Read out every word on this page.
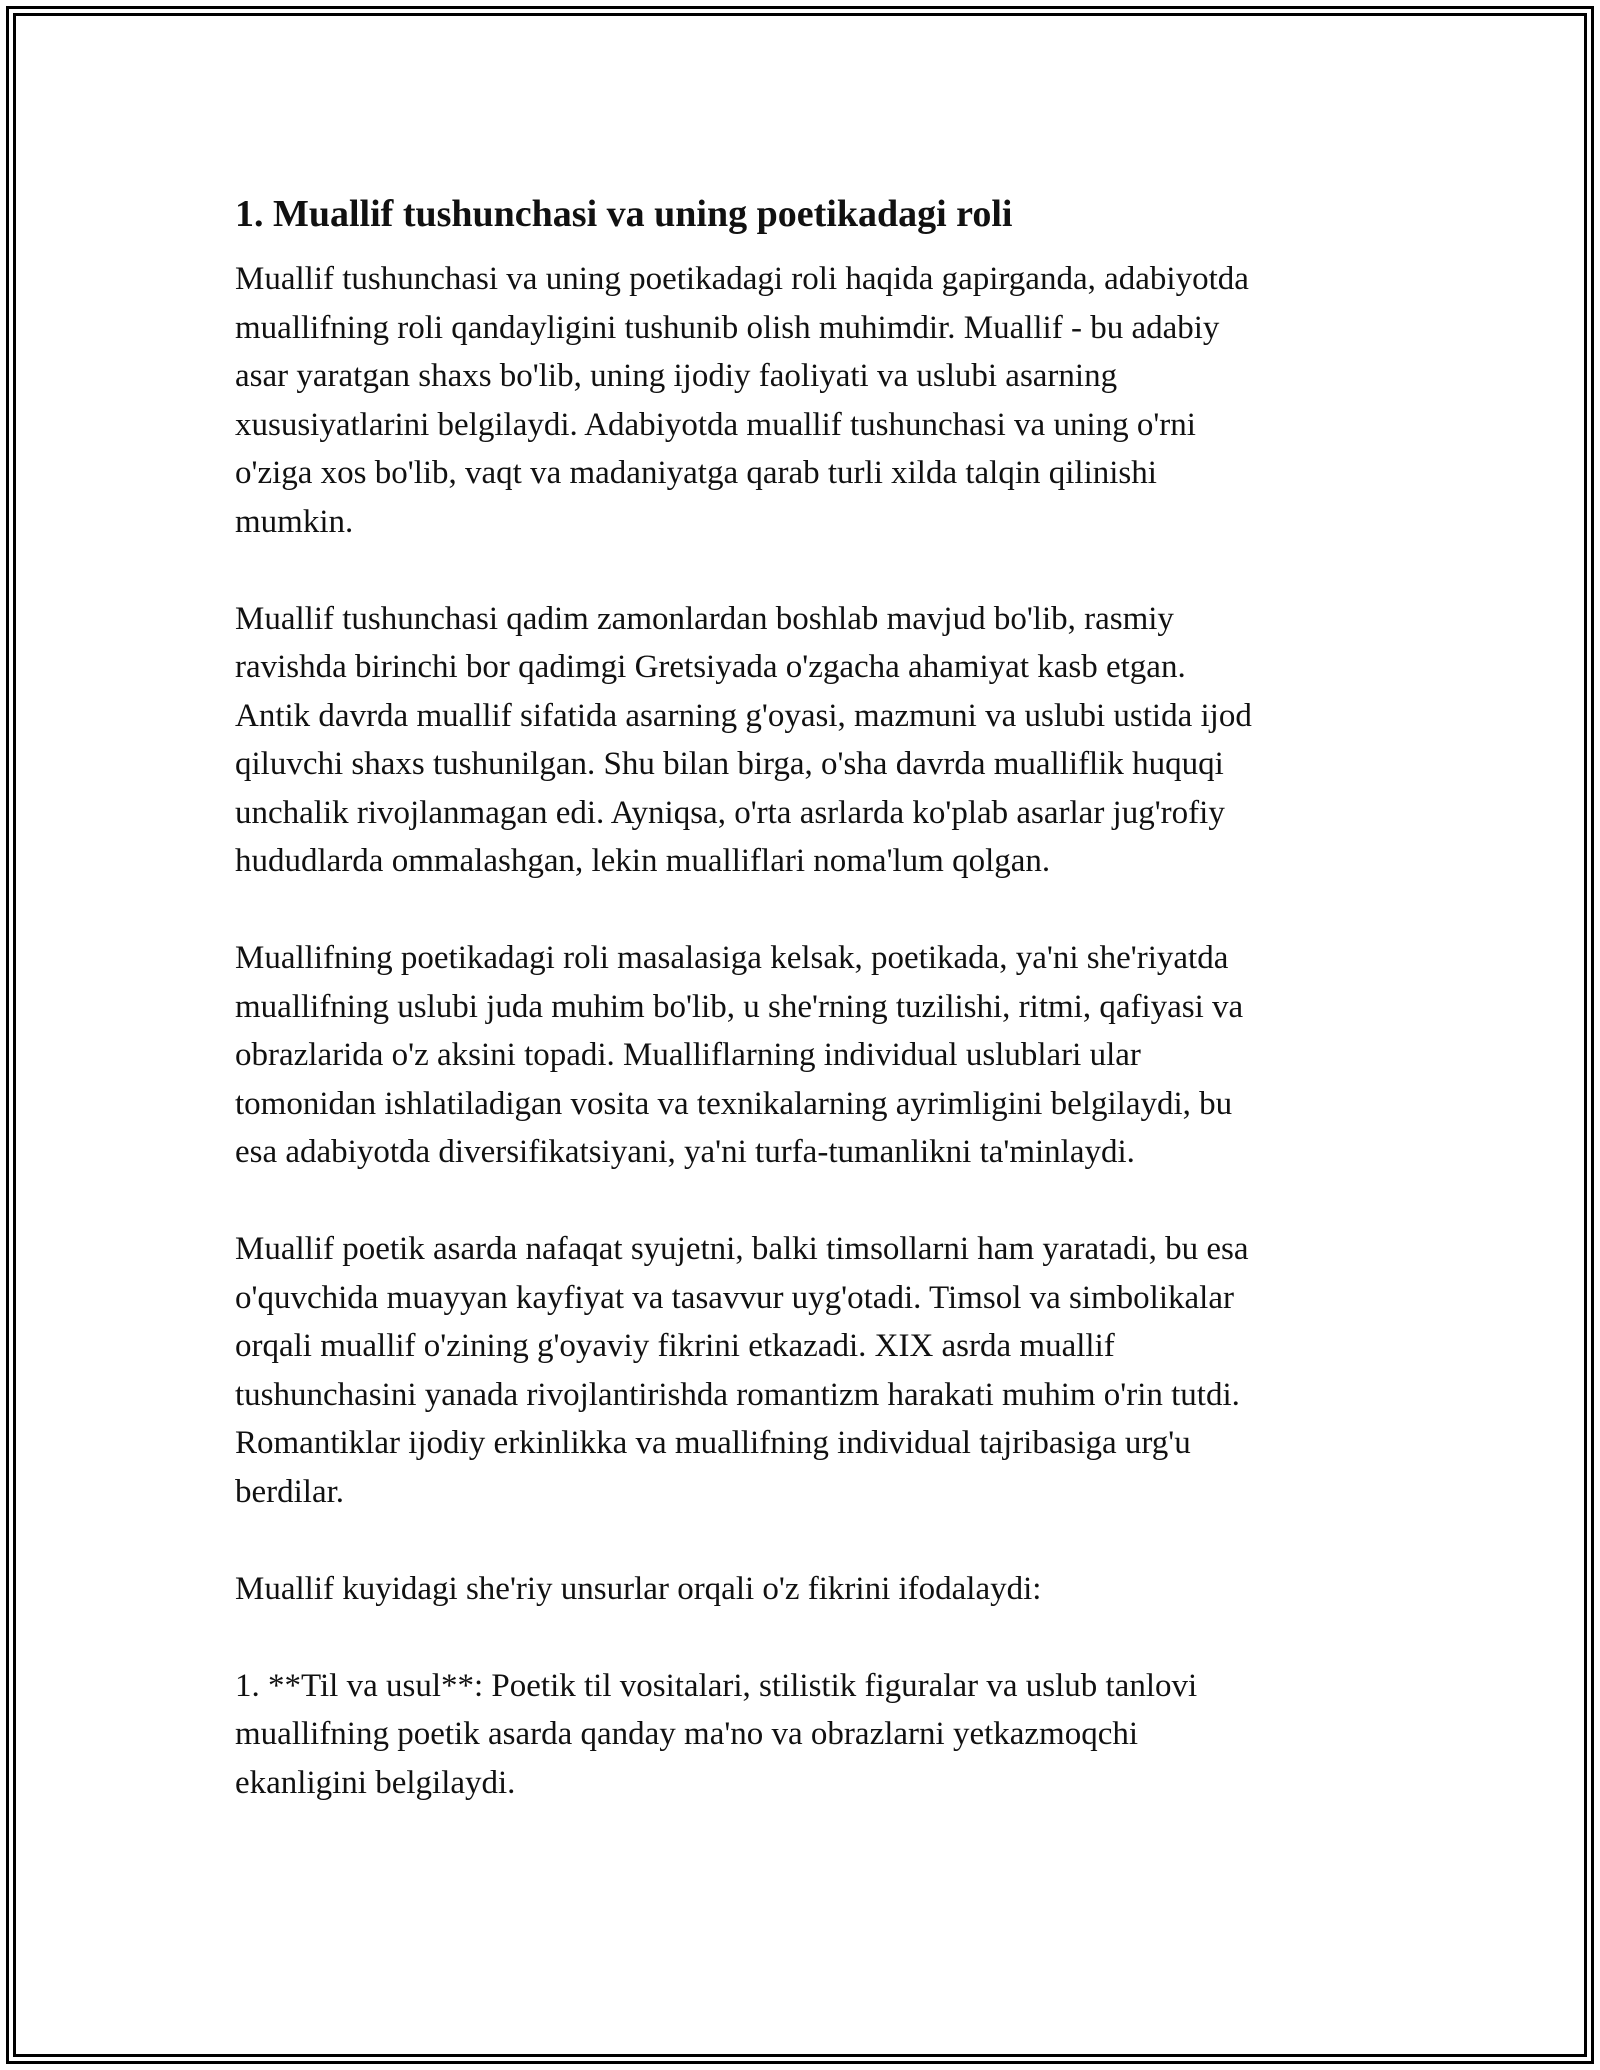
1. Muallif tushunchasi va uning poetikadagi roli

Muallif tushunchasi va uning poetikadagi roli haqida gapirganda, adabiyotda
muallifning roli qandayligini tushunib olish muhimdir. Muallif - bu adabiy
asar yaratgan shaxs bo'lib, uning ijodiy faoliyati va uslubi asarning
xususiyatlarini belgilaydi. Adabiyotda muallif tushunchasi va uning o'rni
o'ziga xos bo'lib, vaqt va madaniyatga qarab turli xilda talqin qilinishi
mumkin.

Muallif tushunchasi qadim zamonlardan boshlab mavjud bo'lib, rasmiy
ravishda birinchi bor qadimgi Gretsiyada o'zgacha ahamiyat kasb etgan.
Antik davrda muallif sifatida asarning g'oyasi, mazmuni va uslubi ustida ijod
qiluvchi shaxs tushunilgan. Shu bilan birga, o'sha davrda mualliflik huquqi
unchalik rivojlanmagan edi. Ayniqsa, o'rta asrlarda ko'plab asarlar jug'rofiy
hududlarda ommalashgan, lekin mualliflari noma'lum qolgan.

Muallifning poetikadagi roli masalasiga kelsak, poetikada, ya'ni she'riyatda
muallifning uslubi juda muhim bo'lib, u she'rning tuzilishi, ritmi, qafiyasi va
obrazlarida o'z aksini topadi. Mualliflarning individual uslublari ular
tomonidan ishlatiladigan vosita va texnikalarning ayrimligini belgilaydi, bu
esa adabiyotda diversifikatsiyani, ya'ni turfa-tumanlikni ta'minlaydi.

Muallif poetik asarda nafaqat syujetni, balki timsollarni ham yaratadi, bu esa
o'quvchida muayyan kayfiyat va tasavvur uyg'otadi. Timsol va simbolikalar
orqali muallif o'zining g'oyaviy fikrini etkazadi. XIX asrda muallif
tushunchasini yanada rivojlantirishda romantizm harakati muhim o'rin tutdi.
Romantiklar ijodiy erkinlikka va muallifning individual tajribasiga urg'u
berdilar.

Muallif kuyidagi she'riy unsurlar orqali o'z fikrini ifodalaydi:

1. **Til va usul**: Poetik til vositalari, stilistik figuralar va uslub tanlovi
muallifning poetik asarda qanday ma'no va obrazlarni yetkazmoqchi
ekanligini belgilaydi.
